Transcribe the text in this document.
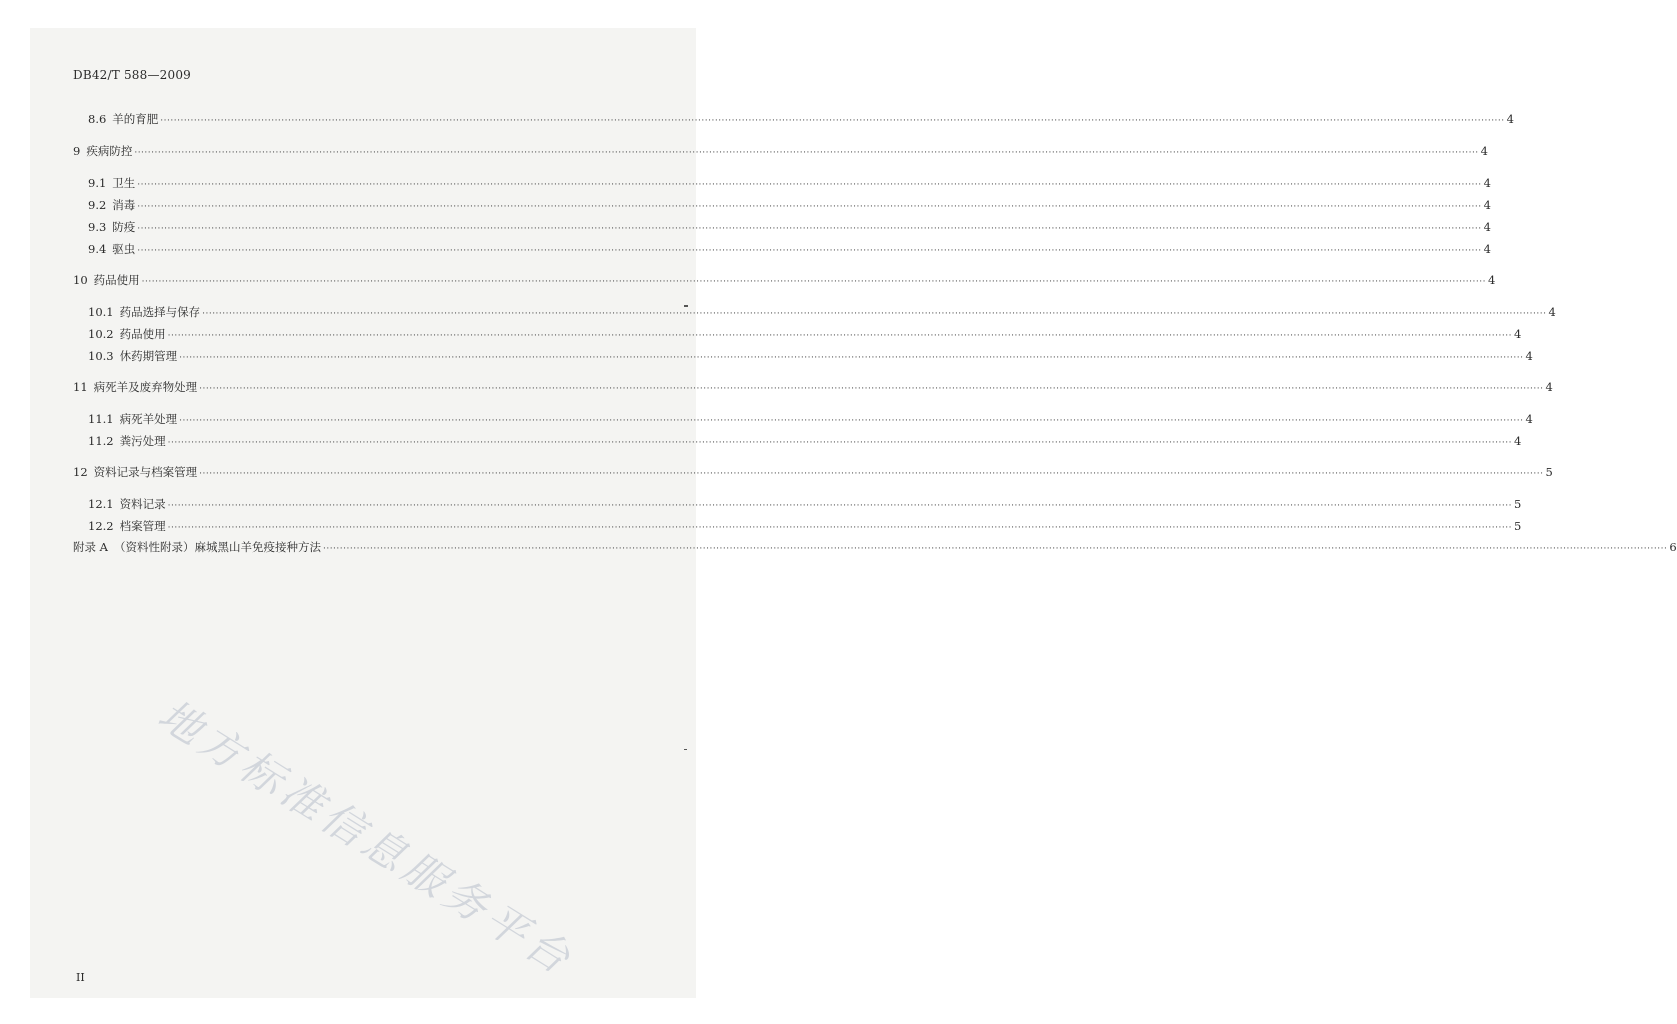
DB42/T 588—2009
8.6 羊的育肥 ················································································································································································································································································································································································································ 4
9 疾病防控 ················································································································································································································································································································································································································ 4
9.1 卫生 ················································································································································································································································································································································································································ 4
9.2 消毒 ················································································································································································································································································································································································································ 4
9.3 防疫 ················································································································································································································································································································································································································ 4
9.4 驱虫 ················································································································································································································································································································································································································ 4
10 药品使用 ················································································································································································································································································································································································································ 4
10.1 药品选择与保存 ················································································································································································································································································································································································································ 4
10.2 药品使用 ················································································································································································································································································································································································································ 4
10.3 休药期管理 ················································································································································································································································································································································································································ 4
11 病死羊及废弃物处理 ················································································································································································································································································································································································································ 4
11.1 病死羊处理 ················································································································································································································································································································································································································ 4
11.2 粪污处理 ················································································································································································································································································································································································································ 4
12 资料记录与档案管理 ················································································································································································································································································································································································································ 5
12.1 资料记录 ················································································································································································································································································································································································································ 5
12.2 档案管理 ················································································································································································································································································································································································································ 5
附录 A （资料性附录）麻城黑山羊免疫接种方法 ················································································································································································································································································································································································································ 6
地方标准信息服务平台
II
